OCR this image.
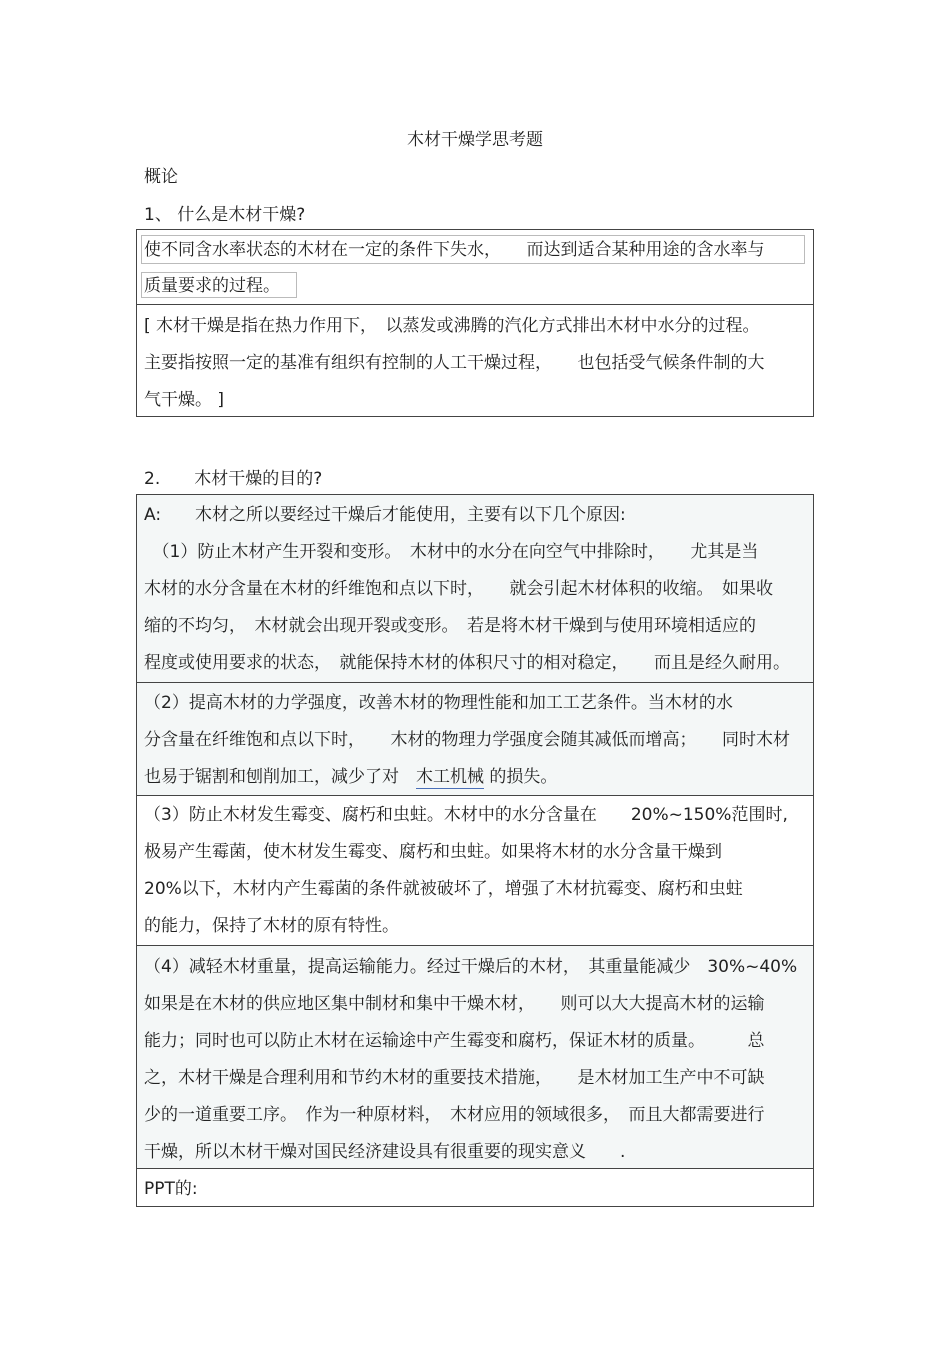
木材干燥学思考题
概论
1、 什么是木材干燥?
使不同含水率状态的木材在一定的条件下失水，　　而达到适合某种用途的含水率与
质量要求的过程。
[ 木材干燥是指在热力作用下，　以蒸发或沸腾的汽化方式排出木材中水分的过程。
主要指按照一定的基准有组织有控制的人工干燥过程，　　也包括受气候条件制的大
气干燥。 ]
2.　　木材干燥的目的?
A:　　木材之所以要经过干燥后才能使用，主要有以下几个原因:
　（1）防止木材产生开裂和变形。　木材中的水分在向空气中排除时，　　尤其是当
木材的水分含量在木材的纤维饱和点以下时，　　就会引起木材体积的收缩。　如果收
缩的不均匀，　木材就会出现开裂或变形。　若是将木材干燥到与使用环境相适应的
程度或使用要求的状态，　就能保持木材的体积尺寸的相对稳定，　　而且是经久耐用。
（2）提高木材的力学强度，改善木材的物理性能和加工工艺条件。当木材的水
分含量在纤维饱和点以下时，　　木材的物理力学强度会随其减低而增高；　　同时木材
也易于锯割和刨削加工，减少了对　木工机械 的损失。
（3）防止木材发生霉变、腐朽和虫蛀。木材中的水分含量在　　20%~150%范围时,
极易产生霉菌，使木材发生霉变、腐朽和虫蛀。如果将木材的水分含量干燥到
20%以下，木材内产生霉菌的条件就被破坏了，增强了木材抗霉变、腐朽和虫蛀
的能力，保持了木材的原有特性。
（4）减轻木材重量，提高运输能力。经过干燥后的木材，　其重量能减少　30%~40%
如果是在木材的供应地区集中制材和集中干燥木材，　　则可以大大提高木材的运输
能力；同时也可以防止木材在运输途中产生霉变和腐朽，保证木材的质量。　　　总
之，木材干燥是合理利用和节约木材的重要技术措施，　　是木材加工生产中不可缺
少的一道重要工序。　作为一种原材料，　木材应用的领域很多，　而且大都需要进行
干燥，所以木材干燥对国民经济建设具有很重要的现实意义　　.
PPT的:
